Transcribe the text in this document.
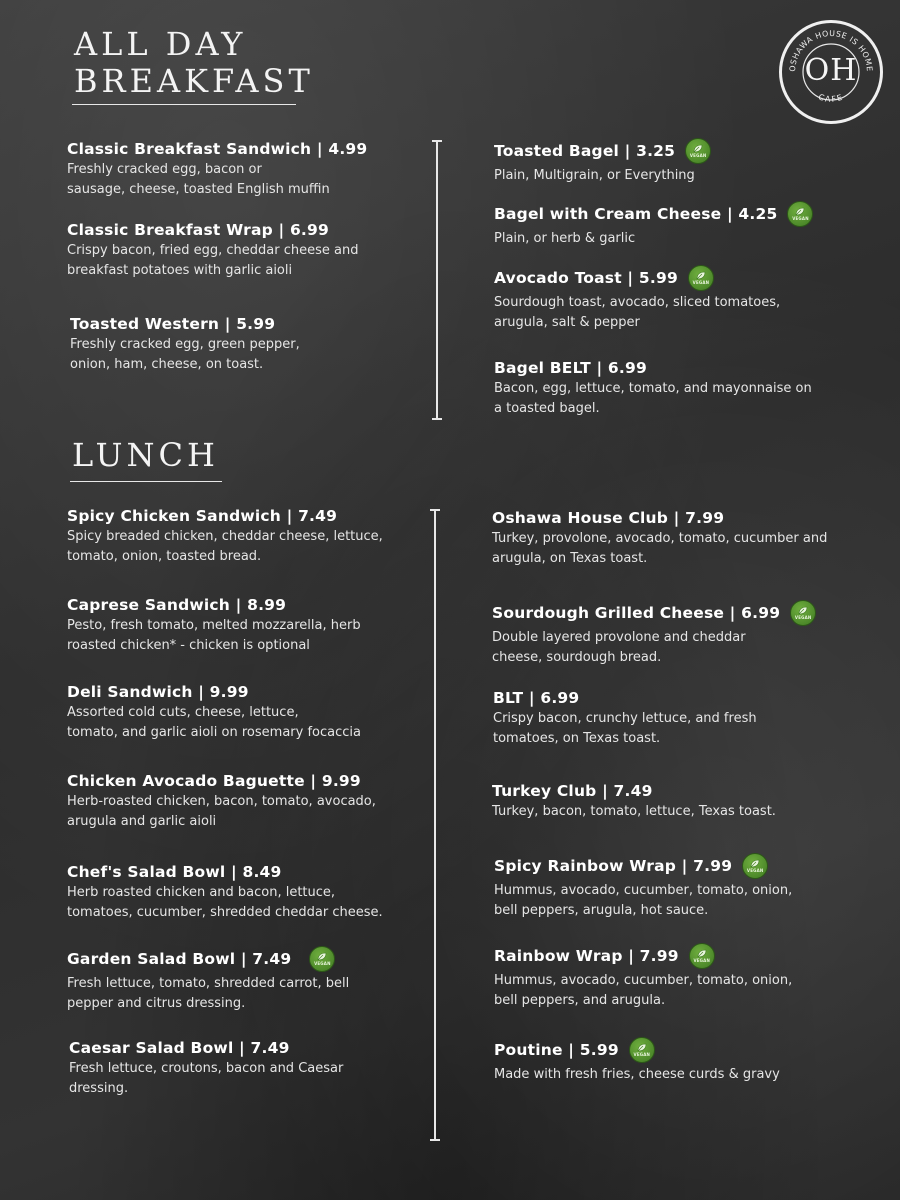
ALL DAY
BREAKFAST	OSHAWA HOUSE IS HOME
CAFE
OH
Classic Breakfast Sandwich | 4.99
Freshly cracked egg, bacon or
sausage, cheese, toasted English muffin
Classic Breakfast Wrap | 6.99
Crispy bacon, fried egg, cheddar cheese and
breakfast potatoes with garlic aioli
Toasted Western | 5.99
Freshly cracked egg, green pepper,
onion, ham, cheese, on toast.
Toasted Bagel | 3.25	VEGAN
Plain, Multigrain, or Everything
Bagel with Cream Cheese | 4.25	VEGAN
Plain, or herb & garlic
Avocado Toast | 5.99	VEGAN
Sourdough toast, avocado, sliced tomatoes,
arugula, salt & pepper
Bagel BELT | 6.99
Bacon, egg, lettuce, tomato, and mayonnaise on
a toasted bagel.
LUNCH
Spicy Chicken Sandwich | 7.49
Spicy breaded chicken, cheddar cheese, lettuce,
tomato, onion, toasted bread.
Caprese Sandwich | 8.99
Pesto, fresh tomato, melted mozzarella, herb
roasted chicken* - chicken is optional
Deli Sandwich | 9.99
Assorted cold cuts, cheese, lettuce,
tomato, and garlic aioli on rosemary focaccia
Chicken Avocado Baguette | 9.99
Herb-roasted chicken, bacon, tomato, avocado,
arugula and garlic aioli
Chef's Salad Bowl | 8.49
Herb roasted chicken and bacon, lettuce,
tomatoes, cucumber, shredded cheddar cheese.
Garden Salad Bowl | 7.49	VEGAN
Fresh lettuce, tomato, shredded carrot, bell
pepper and citrus dressing.
Caesar Salad Bowl | 7.49
Fresh lettuce, croutons, bacon and Caesar
dressing.
Oshawa House Club | 7.99
Turkey, provolone, avocado, tomato, cucumber and
arugula, on Texas toast.
Sourdough Grilled Cheese | 6.99	VEGAN
Double layered provolone and cheddar
cheese, sourdough bread.
BLT | 6.99
Crispy bacon, crunchy lettuce, and fresh
tomatoes, on Texas toast.
Turkey Club | 7.49
Turkey, bacon, tomato, lettuce, Texas toast.
Spicy Rainbow Wrap | 7.99	VEGAN
Hummus, avocado, cucumber, tomato, onion,
bell peppers, arugula, hot sauce.
Rainbow Wrap | 7.99	VEGAN
Hummus, avocado, cucumber, tomato, onion,
bell peppers, and arugula.
Poutine | 5.99	VEGAN
Made with fresh fries, cheese curds & gravy
